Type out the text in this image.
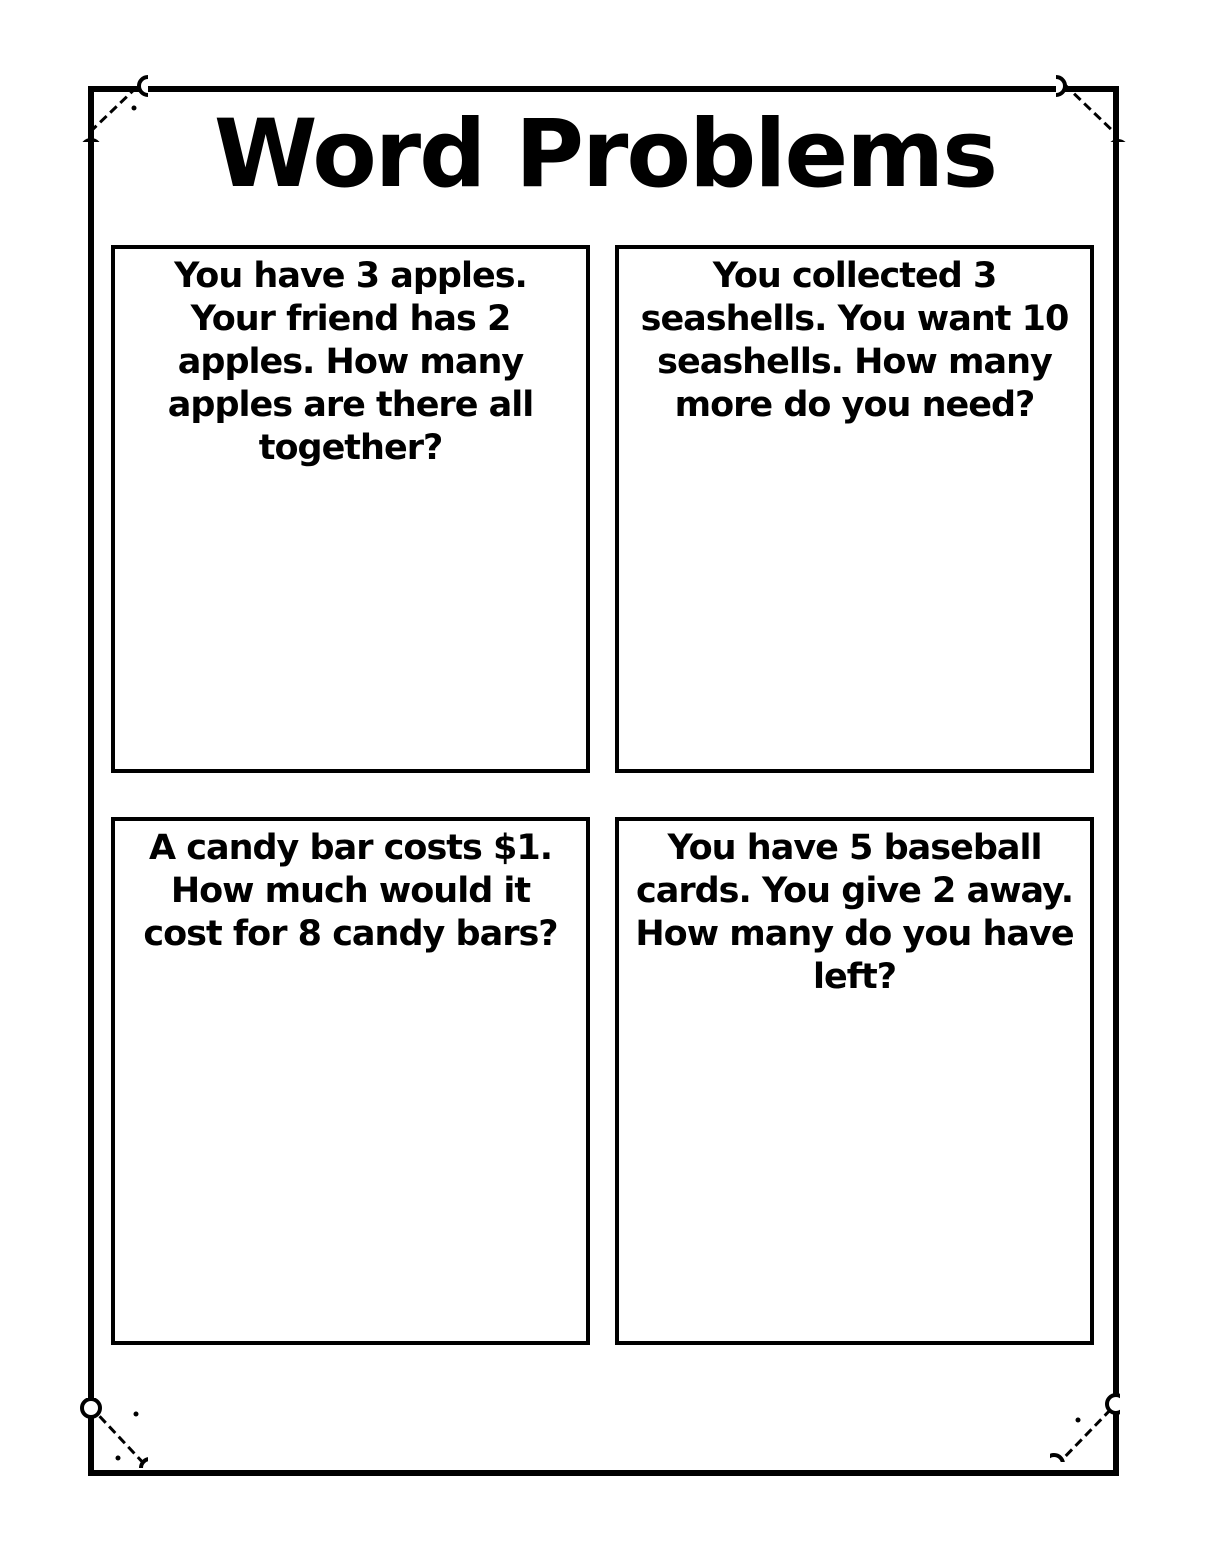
Word Problems
You have 3 apples. Your friend has 2 apples. How many apples are there all together?
You collected 3 seashells. You want 10 seashells. How many more do you need?
A candy bar costs $1. How much would it cost for 8 candy bars?
You have 5 baseball cards. You give 2 away. How many do you have left?
